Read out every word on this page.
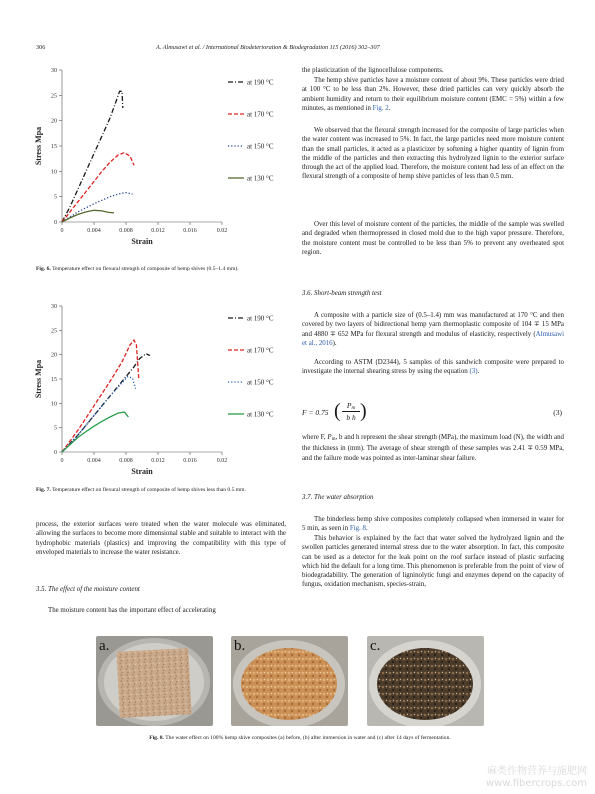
306	A. Almusawi et al. / International Biodeterioration & Biodegradation 115 (2016) 302–307
0
5
10
15
20
25
30
0	0.004	0.008	0.012	0.016	0.02
Strain
Stress Mpa
at 190 °C
at 170 °C
at 150 °C
at 130 °C
Fig. 6. Temperature effect on flexural strength of composite of hemp shives (0.5–1.4 mm).
0
5
10
15
20
25
30
0	0.004	0.008	0.012	0.016	0.02
Strain
Stress Mpa
at 190 °C
at 170 °C
at 150 °C
at 130 °C
Fig. 7. Temperature effect on flexural strength of composite of hemp shives less than 0.5 mm.

process, the exterior surfaces were treated when the water molecule was eliminated, allowing the surfaces to become more dimensional stable and suitable to interact with the hydrophobic materials (plastics) and improving the compatibility with this type of enveloped materials to increase the water resistance.

3.5. The effect of the moisture content

The moisture content has the important effect of accelerating

the plasticization of the lignocellulose components.

The hemp shive particles have a moisture content of about 9%. These particles were dried at 100 °C to be less than 2%. However, these dried particles can very quickly absorb the ambient humidity and return to their equilibrium moisture content (EMC = 5%) within a few minutes, as mentioned in Fig. 2.

We observed that the flexural strength increased for the composite of large particles when the water content was increased to 5%. In fact, the large particles need more moisture content than the small particles, it acted as a plasticizer by softening a higher quantity of lignin from the middle of the particles and then extracting this hydrolyzed lignin to the exterior surface through the act of the applied load. Therefore, the moisture content had less of an effect on the flexural strength of a composite of hemp shive particles of less than 0.5 mm.

Over this level of moisture content of the particles, the middle of the sample was swelled and degraded when thermopressed in closed mold due to the high vapor pressure. Therefore, the moisture content must be controlled to be less than 5% to prevent any overheated spot region.

3.6. Short-beam strength test

A composite with a particle size of (0.5–1.4) mm was manufactured at 170 °C and then covered by two layers of bidirectional hemp yarn thermoplastic composite of 104 ∓ 15 MPa and 4880 ∓ 652 MPa for flexural strength and modulus of elasticity, respectively (Almusawi et al., 2016).

According to ASTM (D2344), 5 samples of this sandwich composite were prepared to investigate the internal shearing stress by using the equation (3).

F = 0.75 ( $P_m$
b h )	(3)

where F, $P_m$, b and h represent the shear strength (MPa), the maximum load (N), the width and the thickness in (mm). The average of shear strength of these samples was 2.41 ∓ 0.59 MPa, and the failure mode was pointed as inter-laminar shear failure.

3.7. The water absorption

The binderless hemp shive composites completely collapsed when immersed in water for 5 min, as seen in Fig. 8.

This behavior is explained by the fact that water solved the hydrolyzed lignin and the swollen particles generated internal stress due to the water absorption. In fact, this composite can be used as a detector for the leak point on the roof surface instead of plastic surfacing which hid the default for a long time. This phenomenon is preferable from the point of view of biodegradability. The generation of ligninolytic fungi and enzymes depend on the capacity of fungus, oxidation mechanism, species-strain,

a.	b.	c.
Fig. 8. The water effect on 100% hemp shive composites (a) before, (b) after immersion in water and (c) after 14 days of fermentation.
麻类作物营养与施肥网
www.fibercrops.com
